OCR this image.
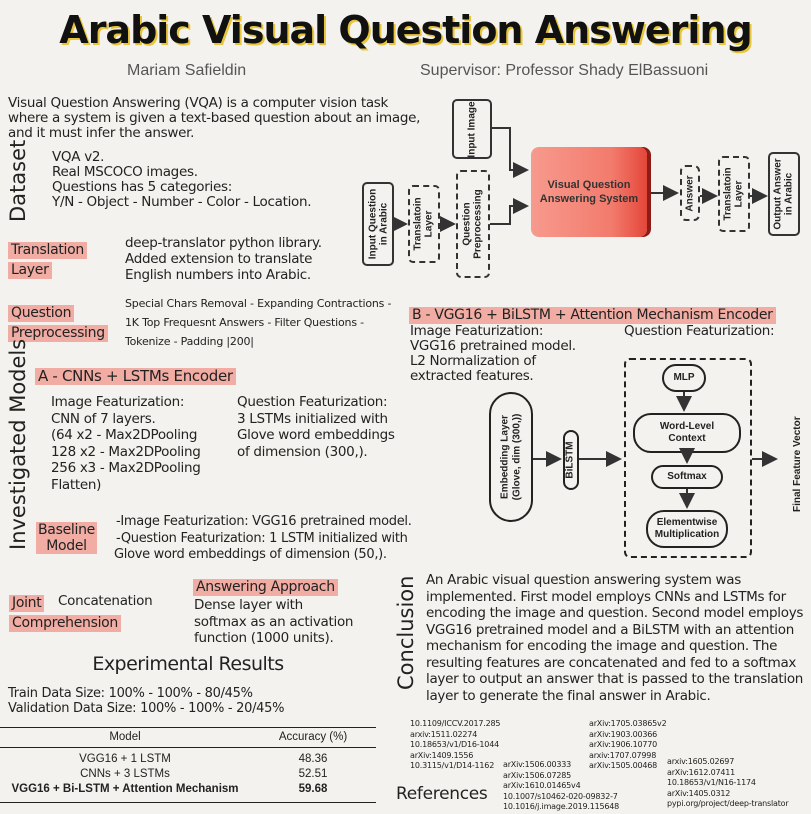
Arabic Visual Question Answering
Mariam Safieldin	Supervisor: Professor Shady ElBassuoni
Visual Question Answering (VQA) is a computer vision task
where a system is given a text-based question about an image,
and it must infer the answer.
Dataset VQA v2.
Real MSCOCO images.
Questions has 5 categories:
Y/N - Object - Number - Color - Location.
Translation
Layer
deep-translator python library.
Added extension to translate
English numbers into Arabic.
Question
Preprocessing
Special Chars Removal - Expanding Contractions -
1K Top Frequesnt Answers - Filter Questions -
Tokenize - Padding |200|
Input Image
Input Question
in Arabic Translatoin
Layer	Question
Preprocessing
Visual Question
Answering System	Answer	Translatoin
Layer	Output Answer
in Arabic
B - VGG16 + BiLSTM + Attention Mechanism Encoder
Image Featurization:
VGG16 pretrained model.
L2 Normalization of
extracted features.
Question Featurization:
Embedding Layer
(Glove, dim (300,))	BiLSTM
MLP
Word-Level
Context
Softmax
Elementwise
Multiplication
Final Feature Vector
Investigated Models A - CNNs + LSTMs Encoder
Image Featurization:
CNN of 7 layers.
(64 x2 - Max2DPooling
128 x2 - Max2DPooling
256 x3 - Max2DPooling
Flatten)
Question Featurization:
3 LSTMs initialized with
Glove word embeddings
of dimension (300,).
Baseline
Model
-Image Featurization: VGG16 pretrained model.
-Question Featurization: 1 LSTM initialized with
Glove word embeddings of dimension (50,).
Joint
Comprehension
Concatenation
Answering Approach
Dense layer with
softmax as an activation
function (1000 units).
Experimental Results
Train Data Size: 100% - 100% - 80/45%
Validation Data Size: 100% - 100% - 20/45%
Model	Accuracy (%)
VGG16 + 1 LSTM	48.36
CNNs + 3 LSTMs	52.51
VGG16 + Bi-LSTM + Attention Mechanism	59.68
Conclusion An Arabic visual question answering system was
implemented. First model employs CNNs and LSTMs for
encoding the image and question. Second model employs
VGG16 pretrained model and a BiLSTM with an attention
mechanism for encoding the image and question. The
resulting features are concatenated and fed to a softmax
layer to output an answer that is passed to the translation
layer to generate the final answer in Arabic.
References
10.1109/ICCV.2017.285
arxiv:1511.02274
10.18653/v1/D16-1044
arXiv:1409.1556
10.3115/v1/D14-1162	arXiv:1506.00333
arXiv:1506.07285
arXiv:1610.01465v4
10.1007/s10462-020-09832-7
10.1016/j.image.2019.115648
arXiv:1705.03865v2
arXiv:1903.00366
arXiv:1906.10770
arxiv:1707.07998
arXiv:1505.00468	arxiv:1605.02697
arXiv:1612.07411
10.18653/v1/N16-1174
arXiv:1405.0312
pypi.org/project/deep-translator
